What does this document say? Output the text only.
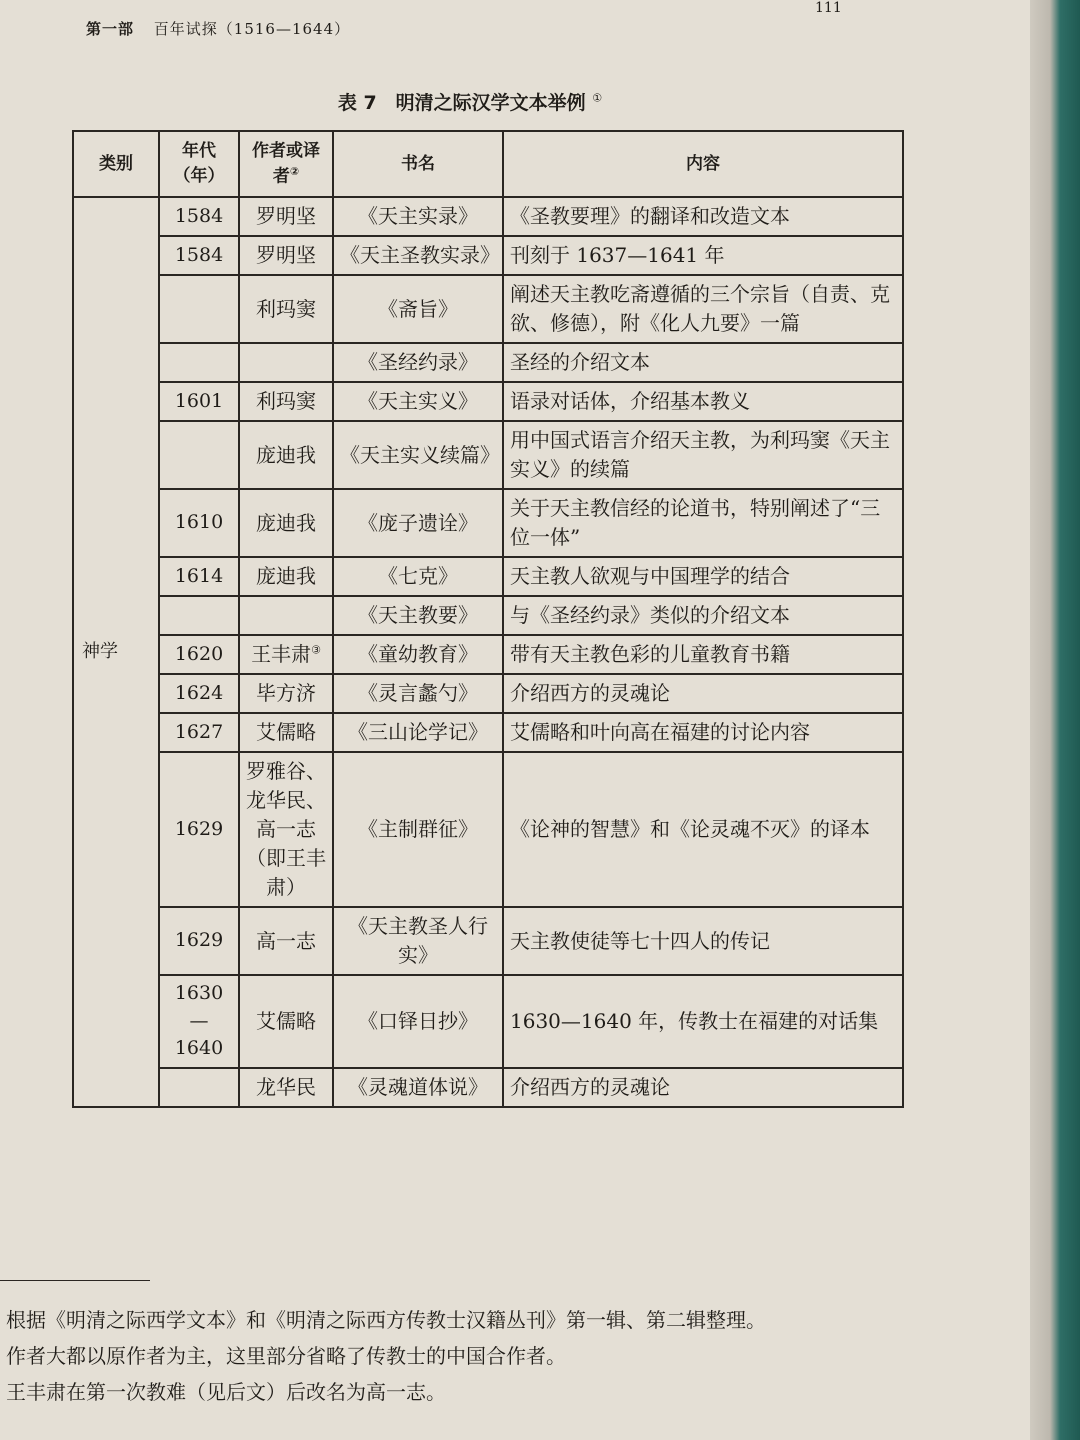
第一部 百年试探（1516—1644）
111
表 7　明清之际汉学文本举例 ①
类别	年代（年）	作者或译者②	书名	内容
神学	1584	罗明坚	《天主实录》	《圣教要理》的翻译和改造文本
	1584	罗明坚	《天主圣教实录》	刊刻于 1637—1641 年
		利玛窦	《斋旨》	阐述天主教吃斋遵循的三个宗旨（自责、克欲、修德），附《化人九要》一篇
			《圣经约录》	圣经的介绍文本
	1601	利玛窦	《天主实义》	语录对话体，介绍基本教义
		庞迪我	《天主实义续篇》	用中国式语言介绍天主教，为利玛窦《天主实义》的续篇
	1610	庞迪我	《庞子遗诠》	关于天主教信经的论道书，特别阐述了“三位一体”
	1614	庞迪我	《七克》	天主教人欲观与中国理学的结合
			《天主教要》	与《圣经约录》类似的介绍文本
	1620	王丰肃③	《童幼教育》	带有天主教色彩的儿童教育书籍
	1624	毕方济	《灵言蠡勺》	介绍西方的灵魂论
	1627	艾儒略	《三山论学记》	艾儒略和叶向高在福建的讨论内容
	1629	罗雅谷、龙华民、高一志（即王丰肃）	《主制群征》	《论神的智慧》和《论灵魂不灭》的译本
	1629	高一志	《天主教圣人行实》	天主教使徒等七十四人的传记
	1630—1640	艾儒略	《口铎日抄》	1630—1640 年，传教士在福建的对话集
		龙华民	《灵魂道体说》	介绍西方的灵魂论
根据《明清之际西学文本》和《明清之际西方传教士汉籍丛刊》第一辑、第二辑整理。
作者大都以原作者为主，这里部分省略了传教士的中国合作者。
王丰肃在第一次教难（见后文）后改名为高一志。
